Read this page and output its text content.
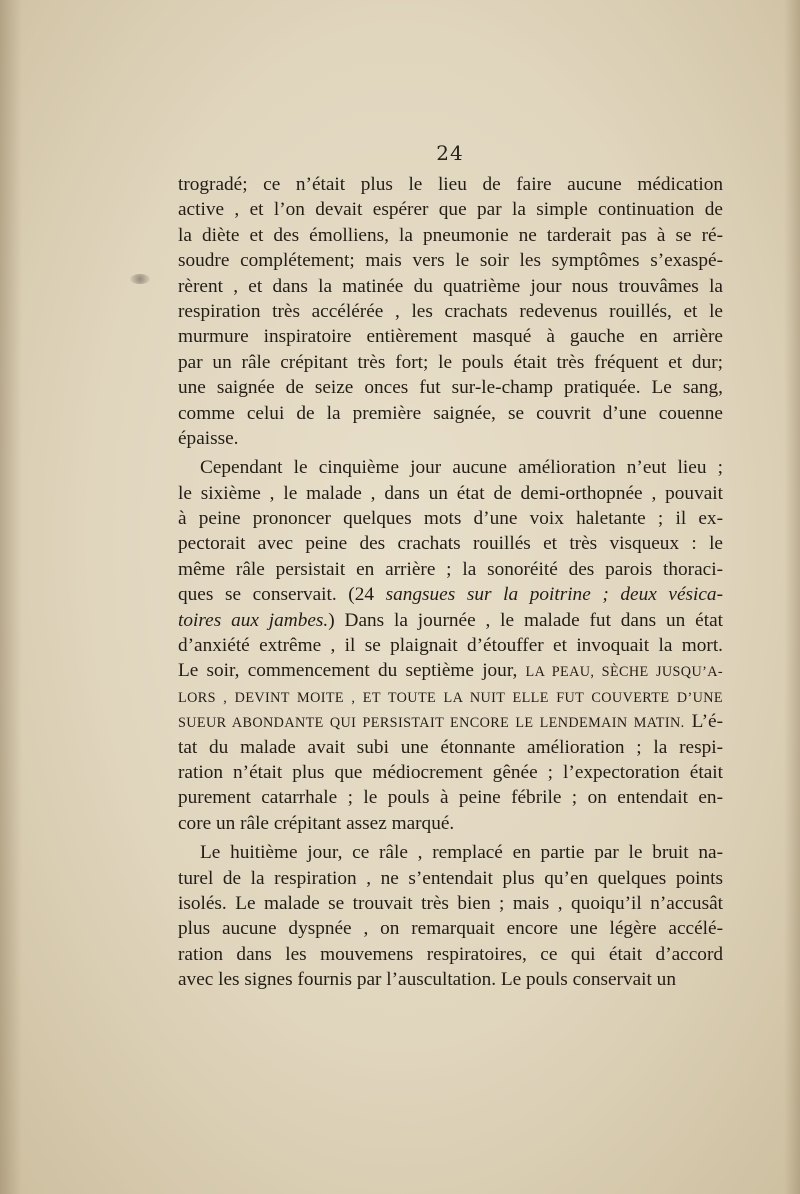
24
trogradé; ce n’était plus le lieu de faire aucune médication
active , et l’on devait espérer que par la simple continuation de
la diète et des émolliens, la pneumonie ne tarderait pas à se ré-
soudre complétement; mais vers le soir les symptômes s’exaspé-
rèrent , et dans la matinée du quatrième jour nous trouvâmes la
respiration très accélérée , les crachats redevenus rouillés, et le
murmure inspiratoire entièrement masqué à gauche en arrière
par un râle crépitant très fort; le pouls était très fréquent et dur;
une saignée de seize onces fut sur-le-champ pratiquée. Le sang,
comme celui de la première saignée, se couvrit d’une couenne
épaisse.
Cependant le cinquième jour aucune amélioration n’eut lieu ;
le sixième , le malade , dans un état de demi-orthopnée , pouvait
à peine prononcer quelques mots d’une voix haletante ; il ex-
pectorait avec peine des crachats rouillés et très visqueux : le
même râle persistait en arrière ; la sonoréité des parois thoraci-
ques se conservait. (24 sangsues sur la poitrine ; deux vésica-
toires aux jambes.) Dans la journée , le malade fut dans un état
d’anxiété extrême , il se plaignait d’étouffer et invoquait la mort.
Le soir, commencement du septième jour, LA PEAU, SÈCHE JUSQU’A-
LORS , DEVINT MOITE , ET TOUTE LA NUIT ELLE FUT COUVERTE D’UNE
SUEUR ABONDANTE QUI PERSISTAIT ENCORE LE LENDEMAIN MATIN. L’é-
tat du malade avait subi une étonnante amélioration ; la respi-
ration n’était plus que médiocrement gênée ; l’expectoration était
purement catarrhale ; le pouls à peine fébrile ; on entendait en-
core un râle crépitant assez marqué.
Le huitième jour, ce râle , remplacé en partie par le bruit na-
turel de la respiration , ne s’entendait plus qu’en quelques points
isolés. Le malade se trouvait très bien ; mais , quoiqu’il n’accusât
plus aucune dyspnée , on remarquait encore une légère accélé-
ration dans les mouvemens respiratoires, ce qui était d’accord
avec les signes fournis par l’auscultation. Le pouls conservait un
